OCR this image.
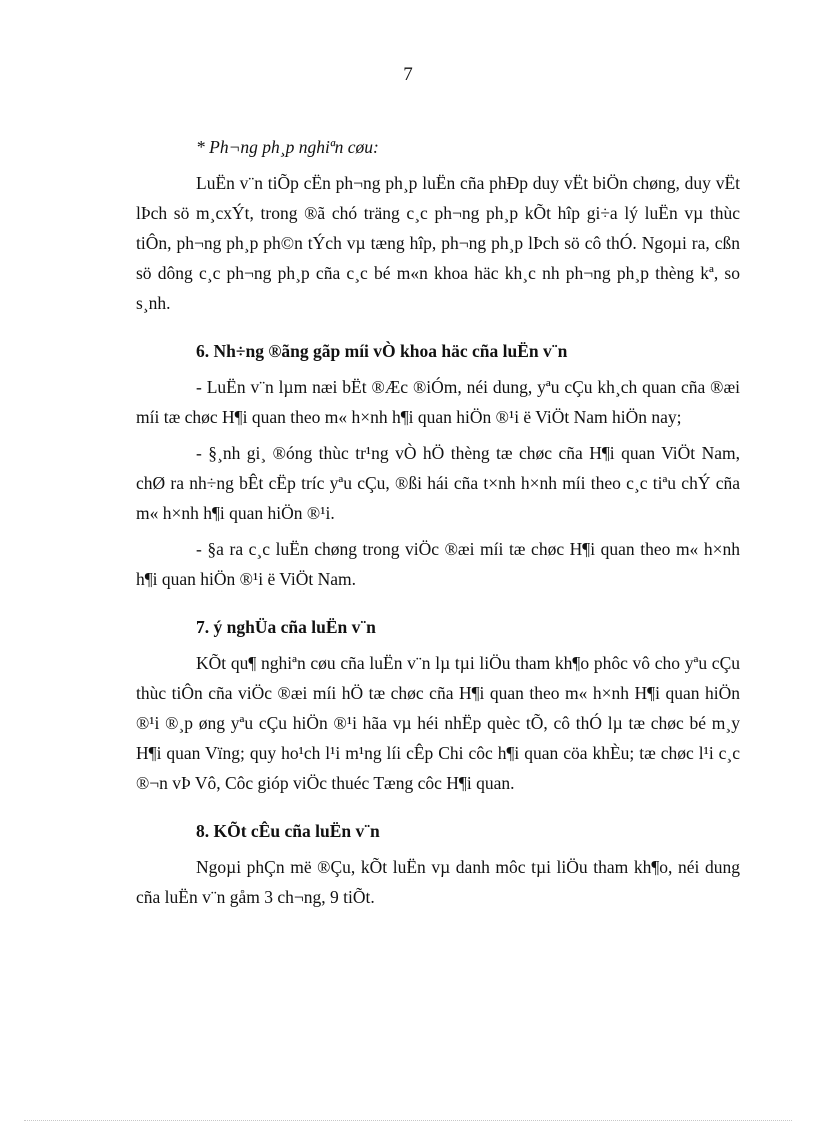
7

* Ph¬ng ph¸p nghiªn cøu:

LuËn v¨n tiÕp cËn ph¬ng ph¸p luËn cña phÐp duy vËt biÖn chøng, duy vËt lÞch sö m¸cxÝt, trong ®ã chó träng c¸c ph¬ng ph¸p kÕt hîp gi÷a lý luËn vµ thùc tiÔn, ph¬ng ph¸p ph©n tÝch vµ tæng hîp, ph¬ng ph¸p lÞch sö cô thÓ. Ngoµi ra, cßn sö dông c¸c ph¬ng ph¸p cña c¸c bé m«n khoa häc kh¸c nh ph¬ng ph¸p thèng kª, so s¸nh.

6. Nh÷ng ®ãng gãp míi vÒ khoa häc cña luËn v¨n

- LuËn v¨n lµm næi bËt ®Æc ®iÓm, néi dung, yªu cÇu kh¸ch quan cña ®æi míi tæ chøc H¶i quan theo m« h×nh h¶i quan hiÖn ®¹i ë ViÖt Nam hiÖn nay;

- §¸nh gi¸ ®óng thùc tr¹ng vÒ hÖ thèng tæ chøc cña H¶i quan ViÖt Nam, chØ ra nh÷ng bÊt cËp tríc yªu cÇu, ®ßi hái cña t×nh h×nh míi theo c¸c tiªu chÝ cña m« h×nh h¶i quan hiÖn ®¹i.

- §a ra c¸c luËn chøng trong viÖc ®æi míi tæ chøc H¶i quan theo m« h×nh h¶i quan hiÖn ®¹i ë ViÖt Nam.

7. ý nghÜa cña luËn v¨n

KÕt qu¶ nghiªn cøu cña luËn v¨n lµ tµi liÖu tham kh¶o phôc vô cho yªu cÇu thùc tiÔn cña viÖc ®æi míi hÖ tæ chøc cña H¶i quan theo m« h×nh H¶i quan hiÖn ®¹i ®¸p øng yªu cÇu hiÖn ®¹i hãa vµ héi nhËp quèc tÕ, cô thÓ lµ tæ chøc bé m¸y H¶i quan Vïng; quy ho¹ch l¹i m¹ng líi cÊp Chi côc h¶i quan cöa khÈu; tæ chøc l¹i c¸c ®¬n vÞ Vô, Côc gióp viÖc thuéc Tæng côc H¶i quan.

8. KÕt cÊu cña luËn v¨n

Ngoµi phÇn më ®Çu, kÕt luËn vµ danh môc tµi liÖu tham kh¶o, néi dung cña luËn v¨n gåm 3 ch¬ng, 9 tiÕt.
